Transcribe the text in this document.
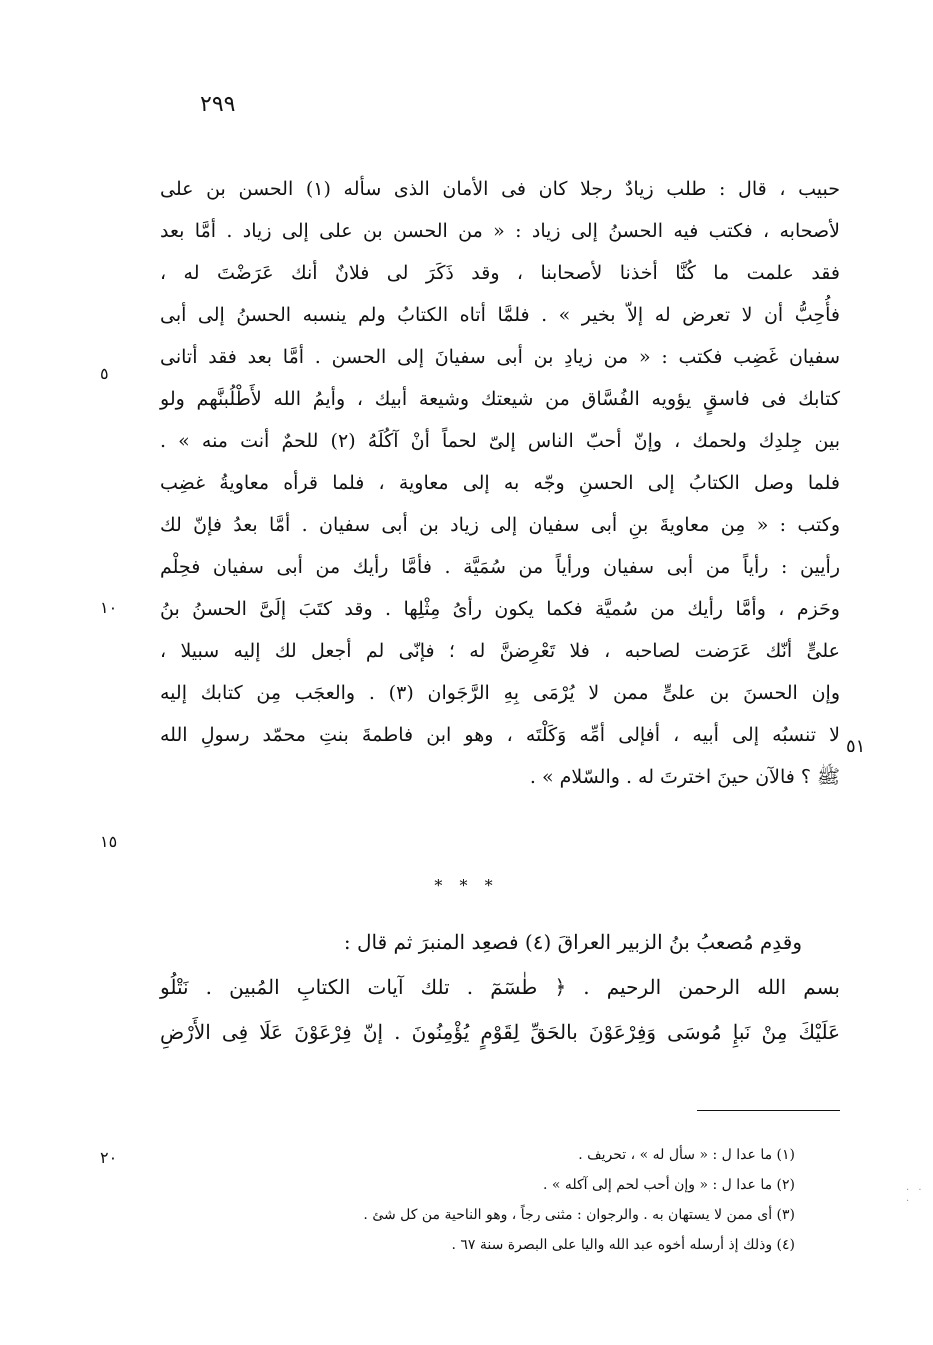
٢٩٩
حبيب ، قال : طلب زيادٌ رجلا كان فى الأمان الذى سأله (١) الحسن بن على
لأصحابه ، فكتب فيه الحسنُ إلى زياد : « من الحسن بن على إلى زياد . أمَّا بعد
فقد علمت ما كُنَّا أخذنا لأصحابنا ، وقد ذَكَرَ لى فلانٌ أنك عَرَضْتَ له ،
فأُحِبُّ أن لا تعرض له إلاّ بخير » . فلمَّا أتاه الكتابُ ولم ينسبه الحسنُ إلى أبى
سفيان غَضِب فكتب : « من زيادِ بن أبى سفيانَ إلى الحسن . أمَّا بعد فقد أتانى
كتابك فى فاسقٍ يؤويه الفُسَّاق من شيعتك وشيعة أبيك ، وأيمُ الله لأَطْلُبنَّهم ولو
بين جِلدِك ولحمك ، وإنّ أحبّ الناس إلىّ لحماً أنْ آكُلَهُ (٢) للحمٌ أنت منه » .
فلما وصل الكتابُ إلى الحسنِ وجّه به إلى معاوية ، فلما قرأه معاويةُ غضِب
وكتب : « مِن معاويةَ بنِ أبى سفيان إلى زياد بن أبى سفيان . أمَّا بعدُ فإنّ لك
رأيين : رأياً من أبى سفيان ورأياً من سُمَيَّة . فأمَّا رأيك من أبى سفيان فحِلْم
وحَزم ، وأمَّا رأيك من سُميَّة فكما يكون رأىُ مِثْلِها . وقد كتَبَ إلَىَّ الحسنُ بنُ
علىٍّ أنّك عَرَضت لصاحبه ، فلا تَعْرِضنَّ له ؛ فإنّى لم أجعل لك إليه سبيلا ،
وإن الحسنَ بن علىٍّ ممن لا يُرْمَى بِهِ الرَّجَوان (٣) . والعجَب مِن كتابك إليه
لا تنسبُه إلى أبيه ، أفإلى أمِّه وَكَلْتَه ، وهو ابن فاطمةَ بنتِ محمّد رسولِ الله
ﷺ ؟ فالآن حينَ اخترتَ له . والسّلام » .
* * *
وقدِم مُصعبُ بنُ الزبير العراقَ (٤) فصعِد المنبرَ ثم قال :
بسم الله الرحمن الرحيم . ﴿ طٰسٓمٓ . تلك آيات الكتابِ المُبين . نَتْلُو
عَلَيْكَ مِنْ نَبإِ مُوسَى وَفِرْعَوْنَ بالحَقِّ لِقَوْمٍ يُؤْمِنُونَ . إنّ فِرْعَوْنَ عَلَا فِى الأَرْضِ
(١) ما عدا ل : « سأل له » ، تحريف .
(٢) ما عدا ل : « وإن أحب لحم إلى آكله » .
(٣) أى ممن لا يستهان به . والرجوان : مثنى رجاً ، وهو الناحية من كل شئ .
(٤) وذلك إذ أرسله أخوه عبد الله واليا على البصرة سنة ٦٧ .
٥
١٠
١٥
٢٠
٥١
· · ·
